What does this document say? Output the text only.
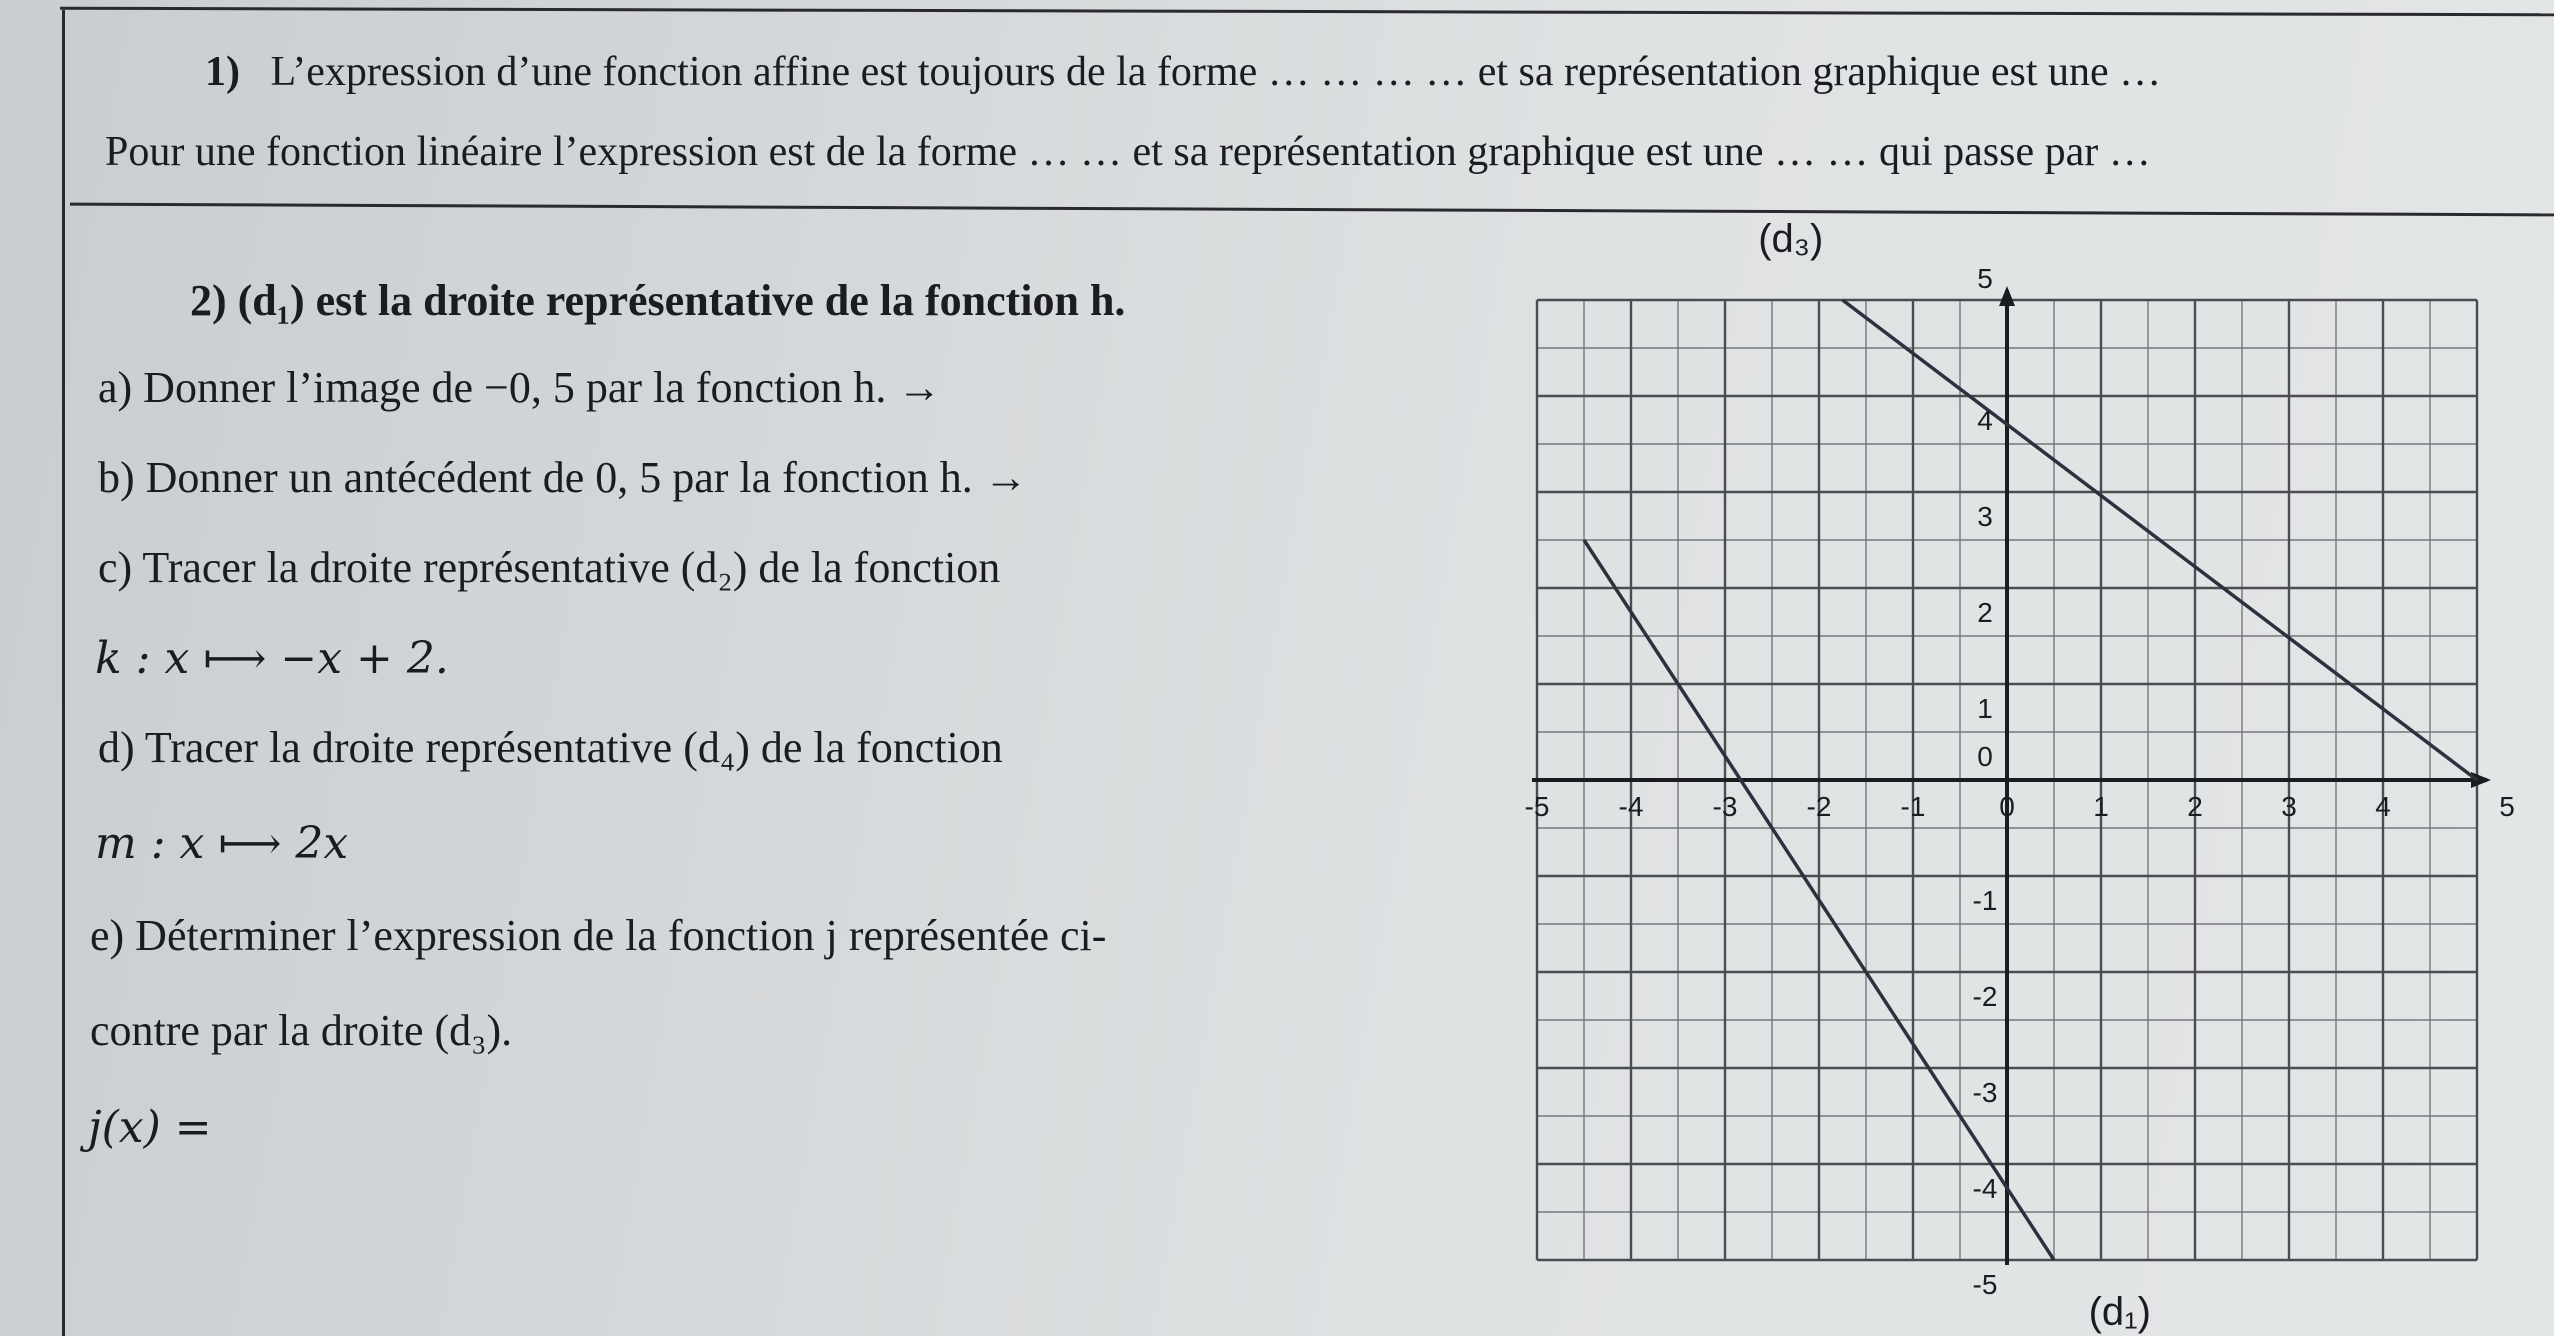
1) L’expression d’une fonction affine est toujours de la forme … … … … et sa représentation graphique est une …
Pour une fonction linéaire l’expression est de la forme … … et sa représentation graphique est une … … qui passe par …
2) (d₁) est la droite représentative de la fonction h.
a) Donner l’image de −0, 5 par la fonction h. →
b) Donner un antécédent de 0, 5 par la fonction h. →
c) Tracer la droite représentative (d₂) de la fonction
k : x ⟼ −x + 2.
d) Tracer la droite représentative (d₄) de la fonction
m : x ⟼ 2x
e) Déterminer l’expression de la fonction j représentée ci-
contre par la droite (d₃).
j(x) =
-5 -4 -3 -2 -1	0	1	2	3	4	5
5
4
3
2
1
0
-1
-2
-3
-4
-5
(d₃)
(d₁)
